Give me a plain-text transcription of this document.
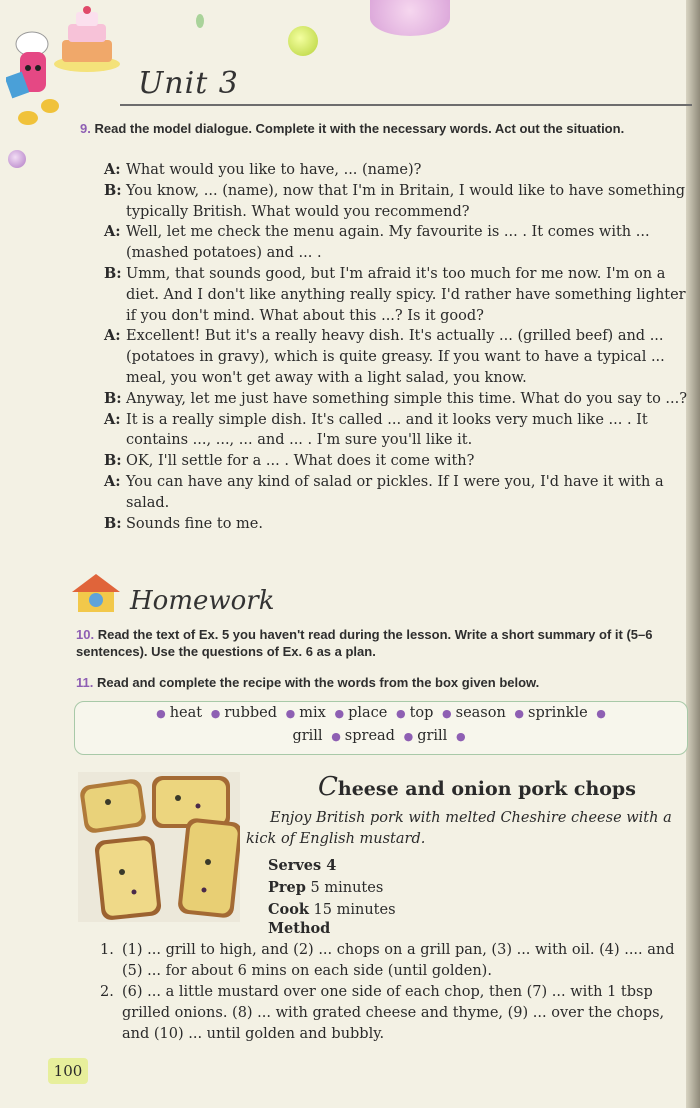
Unit 3
9. Read the model dialogue. Complete it with the necessary words. Act out the situation.
A: What would you like to have, ... (name)?
B: You know, ... (name), now that I'm in Britain, I would like to have something typically British. What would you recommend?
A: Well, let me check the menu again. My favourite is ... . It comes with ... (mashed potatoes) and ... .
B: Umm, that sounds good, but I'm afraid it's too much for me now. I'm on a diet. And I don't like anything really spicy. I'd rather have something lighter if you don't mind. What about this ...? Is it good?
A: Excellent! But it's a really heavy dish. It's actually ... (grilled beef) and ... (potatoes in gravy), which is quite greasy. If you want to have a typical ... meal, you won't get away with a light salad, you know.
B: Anyway, let me just have something simple this time. What do you say to ...?
A: It is a really simple dish. It's called ... and it looks very much like ... . It contains ..., ..., ... and ... . I'm sure you'll like it.
B: OK, I'll settle for a ... . What does it come with?
A: You can have any kind of salad or pickles. If I were you, I'd have it with a salad.
B: Sounds fine to me.
Homework
10. Read the text of Ex. 5 you haven't read during the lesson. Write a short summary of it (5–6 sentences). Use the questions of Ex. 6 as a plan.
11. Read and complete the recipe with the words from the box given below.
● heat ● rubbed ● mix ● place ● top ● season ● sprinkle ●
grill ● spread ● grill ●
Cheese and onion pork chops
Enjoy British pork with melted Cheshire cheese with a kick of English mustard.
Serves 4
Prep 5 minutes
Cook 15 minutes
Method
1. (1) ... grill to high, and (2) ... chops on a grill pan, (3) ... with oil. (4) .... and (5) ... for about 6 mins on each side (until golden).
2. (6) ... a little mustard over one side of each chop, then (7) ... with 1 tbsp grilled onions. (8) ... with grated cheese and thyme, (9) ... over the chops, and (10) ... until golden and bubbly.
100
